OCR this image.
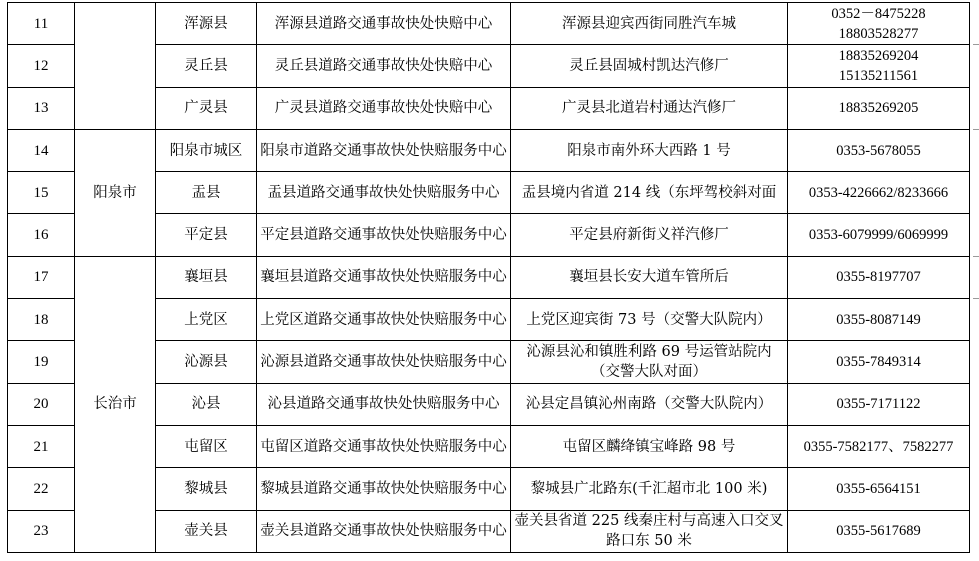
11		浑源县	浑源县道路交通事故快处快赔中心	浑源县迎宾西街同胜汽车城	0352－8475228
18803528277
12		灵丘县	灵丘县道路交通事故快处快赔中心	灵丘县固城村凯达汽修厂	18835269204
15135211561
13		广灵县	广灵县道路交通事故快处快赔中心	广灵县北道岩村通达汽修厂	18835269205
14	阳泉市	阳泉市城区	阳泉市道路交通事故快处快赔服务中心	阳泉市南外环大西路 1 号	0353-5678055
15		盂县	盂县道路交通事故快处快赔服务中心	盂县境内省道 214 线（东坪驾校斜对面	0353-4226662/8233666
16		平定县	平定县道路交通事故快处快赔服务中心	平定县府新街义祥汽修厂	0353-6079999/6069999
17	长治市	襄垣县	襄垣县道路交通事故快处快赔服务中心	襄垣县长安大道车管所后	0355-8197707
18		上党区	上党区道路交通事故快处快赔服务中心	上党区迎宾街 73 号（交警大队院内）	0355-8087149
19		沁源县	沁源县道路交通事故快处快赔服务中心	沁源县沁和镇胜利路 69 号运管站院内（交警大队对面）	0355-7849314
20		沁县	沁县道路交通事故快处快赔服务中心	沁县定昌镇沁州南路（交警大队院内）	0355-7171122
21		屯留区	屯留区道路交通事故快处快赔服务中心	屯留区麟绛镇宝峰路 98 号	0355-7582177、7582277
22		黎城县	黎城县道路交通事故快处快赔服务中心	黎城县广北路东(千汇超市北 100 米)	0355-6564151
23		壶关县	壶关县道路交通事故快处快赔服务中心	壶关县省道 225 线秦庄村与高速入口交叉路口东 50 米	0355-5617689
